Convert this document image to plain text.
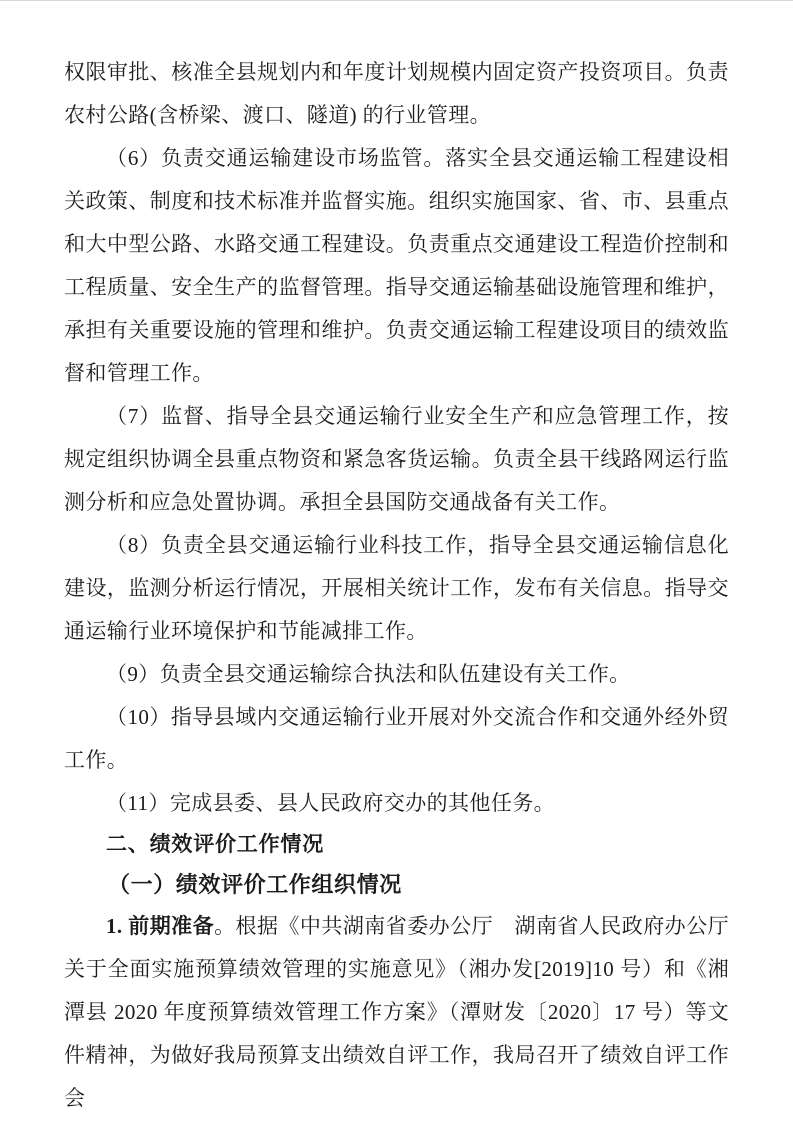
权限审批、核准全县规划内和年度计划规模内固定资产投资项目。负责农村公路(含桥梁、渡口、隧道) 的行业管理。

（6）负责交通运输建设市场监管。落实全县交通运输工程建设相关政策、制度和技术标准并监督实施。组织实施国家、省、市、县重点和大中型公路、水路交通工程建设。负责重点交通建设工程造价控制和工程质量、安全生产的监督管理。指导交通运输基础设施管理和维护，承担有关重要设施的管理和维护。负责交通运输工程建设项目的绩效监督和管理工作。

（7）监督、指导全县交通运输行业安全生产和应急管理工作，按规定组织协调全县重点物资和紧急客货运输。负责全县干线路网运行监测分析和应急处置协调。承担全县国防交通战备有关工作。

（8）负责全县交通运输行业科技工作，指导全县交通运输信息化建设，监测分析运行情况，开展相关统计工作，发布有关信息。指导交通运输行业环境保护和节能减排工作。

（9）负责全县交通运输综合执法和队伍建设有关工作。

（10）指导县域内交通运输行业开展对外交流合作和交通外经外贸工作。

（11）完成县委、县人民政府交办的其他任务。

二、绩效评价工作情况
（一）绩效评价工作组织情况

1. 前期准备。根据《中共湖南省委办公厅　湖南省人民政府办公厅关于全面实施预算绩效管理的实施意见》（湘办发[2019]10 号）和《湘潭县 2020 年度预算绩效管理工作方案》（潭财发〔2020〕17 号）等文件精神，为做好我局预算支出绩效自评工作，我局召开了绩效自评工作会
